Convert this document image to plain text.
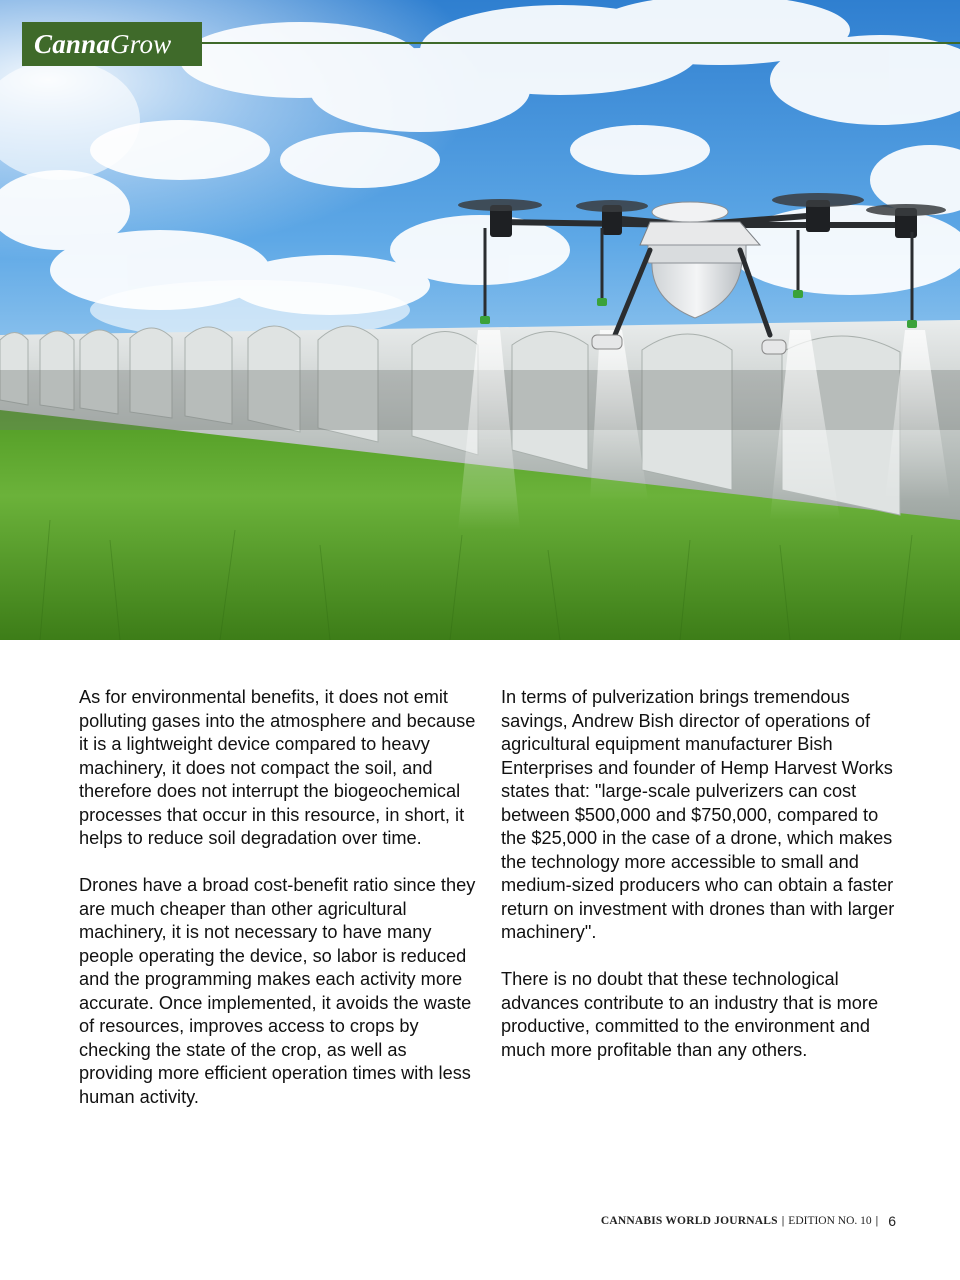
Canna Grow

As for environmental benefits, it does not emit polluting gases into the atmosphere and because it is a lightweight device compared to heavy machinery, it does not compact the soil, and therefore does not interrupt the biogeochemical processes that occur in this resource, in short, it helps to reduce soil degradation over time.

Drones have a broad cost-benefit ratio since they are much cheaper than other agricultural machinery, it is not necessary to have many people operating the device, so labor is reduced and the programming makes each activity more accurate. Once implemented, it avoids the waste of resources, improves access to crops by checking the state of the crop, as well as providing more efficient operation times with less human activity.

In terms of pulverization brings tremendous savings, Andrew Bish director of operations of agricultural equipment manufacturer Bish Enterprises and founder of Hemp Harvest Works states that: "large-scale pulverizers can cost between $500,000 and $750,000, compared to the $25,000 in the case of a drone, which makes the technology more accessible to small and medium-sized producers who can obtain a faster return on investment with drones than with larger machinery".

There is no doubt that these technological advances contribute to an industry that is more productive, committed to the environment and much more profitable than any others.

CANNABIS WORLD JOURNALS | EDITION NO. 10 | 6
